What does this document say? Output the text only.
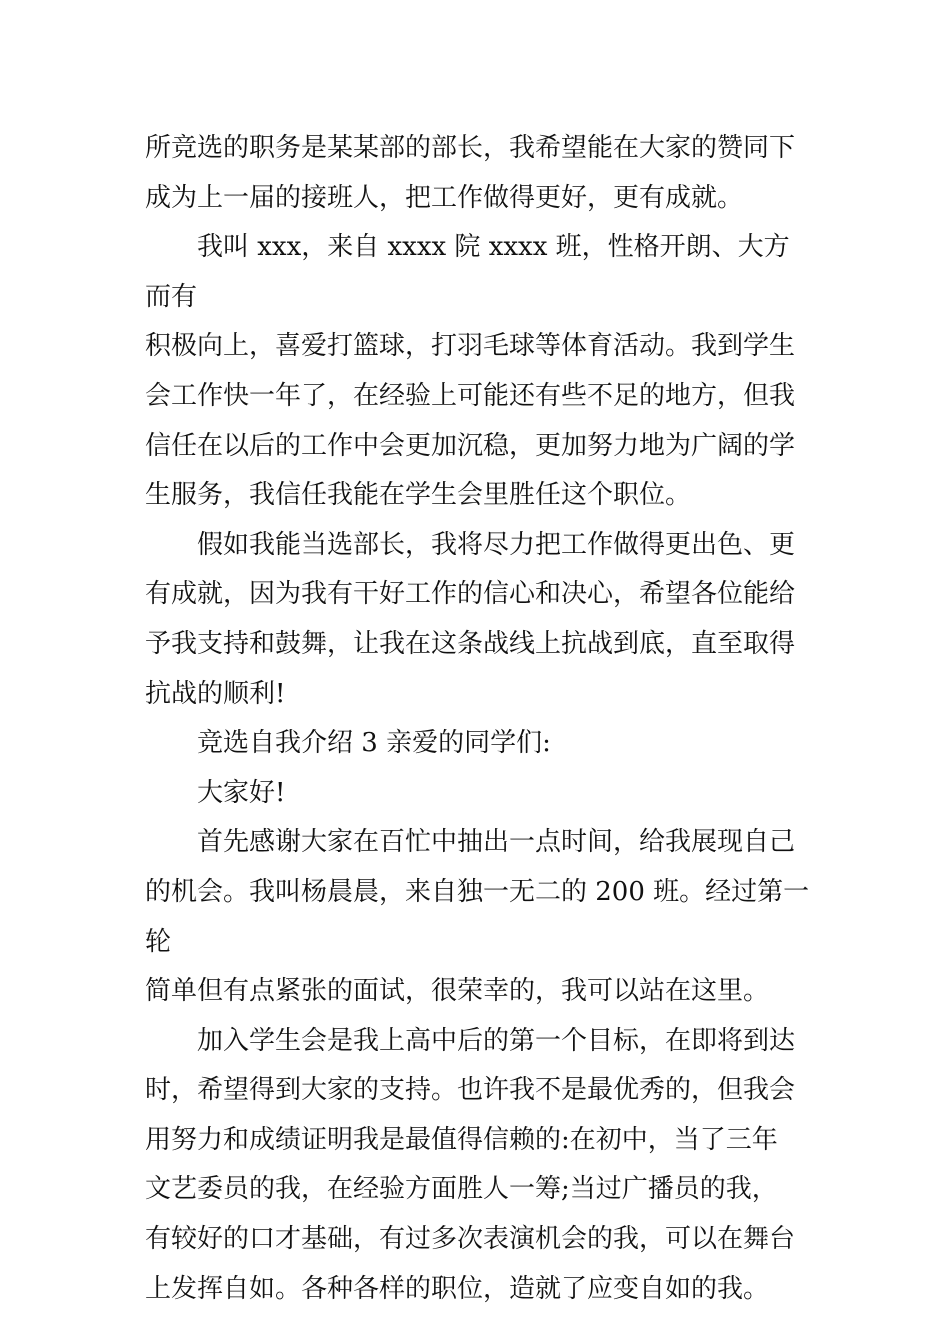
所竞选的职务是某某部的部长，我希望能在大家的赞同下
成为上一届的接班人，把工作做得更好，更有成就。
我叫 xxx，来自 xxxx 院 xxxx 班，性格开朗、大方而有
积极向上，喜爱打篮球，打羽毛球等体育活动。我到学生
会工作快一年了，在经验上可能还有些不足的地方，但我
信任在以后的工作中会更加沉稳，更加努力地为广阔的学
生服务，我信任我能在学生会里胜任这个职位。
假如我能当选部长，我将尽力把工作做得更出色、更
有成就，因为我有干好工作的信心和决心，希望各位能给
予我支持和鼓舞，让我在这条战线上抗战到底，直至取得
抗战的顺利!
竞选自我介绍 3 亲爱的同学们:
大家好!
首先感谢大家在百忙中抽出一点时间，给我展现自己
的机会。我叫杨晨晨，来自独一无二的 200 班。经过第一轮
简单但有点紧张的面试，很荣幸的，我可以站在这里。
加入学生会是我上高中后的第一个目标，在即将到达
时，希望得到大家的支持。也许我不是最优秀的，但我会
用努力和成绩证明我是最值得信赖的:在初中，当了三年
文艺委员的我，在经验方面胜人一筹;当过广播员的我，
有较好的口才基础，有过多次表演机会的我，可以在舞台
上发挥自如。各种各样的职位，造就了应变自如的我。
